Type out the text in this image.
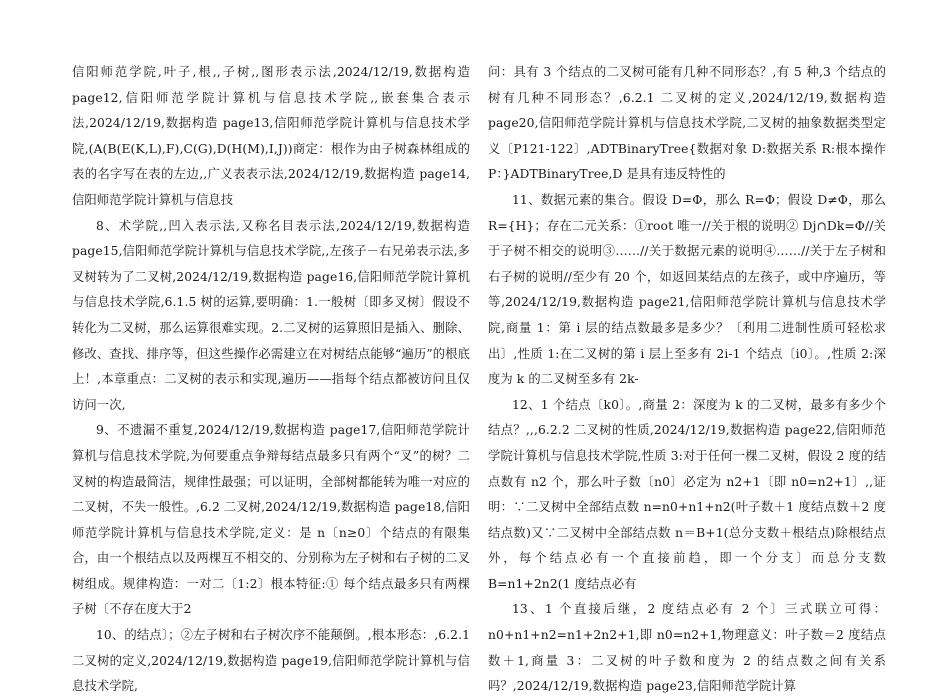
信阳师范学院,叶子,根,,子树,,图形表示法,2024/12/19,数据构造 page12,信阳师范学院计算机与信息技术学院,,嵌套集合表示法,2024/12/19,数据构造 page13,信阳师范学院计算机与信息技术学院,(A(B(E(K,L),F),C(G),D(H(M),I,J))商定：根作为由子树森林组成的表的名字写在表的左边,,广义表表示法,2024/12/19,数据构造 page14,信阳师范学院计算机与信息技

8、术学院,,凹入表示法,又称名目表示法,2024/12/19,数据构造 page15,信阳师范学院计算机与信息技术学院,,左孩子－右兄弟表示法,多叉树转为了二叉树,2024/12/19,数据构造 page16,信阳师范学院计算机与信息技术学院,6.1.5 树的运算,要明确：1.一般树〔即多叉树〕假设不转化为二叉树，那么运算很难实现。2.二叉树的运算照旧是插入、删除、修改、查找、排序等，但这些操作必需建立在对树结点能够“遍历”的根底上！,本章重点：二叉树的表示和实现,遍历——指每个结点都被访问且仅访问一次,

9、不遗漏不重复,2024/12/19,数据构造 page17,信阳师范学院计算机与信息技术学院,为何要重点争辩每结点最多只有两个“叉”的树？二叉树的构造最简洁，规律性最强；可以证明，全部树都能转为唯一对应的二叉树，不失一般性。,6.2 二叉树,2024/12/19,数据构造 page18,信阳师范学院计算机与信息技术学院,定义：是 n〔n≥0〕个结点的有限集合，由一个根结点以及两棵互不相交的、分别称为左子树和右子树的二叉树组成。规律构造：一对二〔1:2〕根本特征:① 每个结点最多只有两棵子树〔不存在度大于2

10、的结点〕；②左子树和右子树次序不能颠倒。,根本形态：,6.2.1 二叉树的定义,2024/12/19,数据构造 page19,信阳师范学院计算机与信息技术学院,

问：具有 3 个结点的二叉树可能有几种不同形态？,有 5 种,3 个结点的树有几种不同形态？,6.2.1 二叉树的定义,2024/12/19,数据构造 page20,信阳师范学院计算机与信息技术学院,二叉树的抽象数据类型定义〔P121-122〕,ADTBinaryTree{数据对象 D:数据关系 R:根本操作 P：}ADTBinaryTree,D 是具有违反特性的

11、数据元素的集合。假设 D=Φ，那么 R=Φ；假设 D≠Φ，那么 R={H}；存在二元关系：①root 唯一//关于根的说明② Dj∩Dk=Φ//关于子树不相交的说明③……//关于数据元素的说明④……//关于左子树和右子树的说明//至少有 20 个，如返回某结点的左孩子，或中序遍历，等等,2024/12/19,数据构造 page21,信阳师范学院计算机与信息技术学院,商量 1：第 i 层的结点数最多是多少？〔利用二进制性质可轻松求出〕,性质 1:在二叉树的第 i 层上至多有 2i-1 个结点〔i0〕。,性质 2:深度为 k 的二叉树至多有 2k-

12、1 个结点〔k0〕。,商量 2：深度为 k 的二叉树，最多有多少个结点？,,,6.2.2 二叉树的性质,2024/12/19,数据构造 page22,信阳师范学院计算机与信息技术学院,性质 3:对于任何一棵二叉树，假设 2 度的结点数有 n2 个，那么叶子数〔n0〕必定为 n2+1〔即 n0=n2+1〕,,证明：∵二叉树中全部结点数 n=n0+n1+n2(叶子数＋1 度结点数＋2 度结点数)又∵二叉树中全部结点数 n＝B+1(总分支数＋根结点)除根结点外，每个结点必有一个直接前趋，即一个分支〕而总分支数 B=n1+2n2(1 度结点必有

13、1 个直接后继，2 度结点必有 2 个〕三式联立可得：n0+n1+n2=n1+2n2+1,即 n0=n2+1,物理意义：叶子数＝2 度结点数＋1,商量 3：二叉树的叶子数和度为 2 的结点数之间有关系吗？,2024/12/19,数据构造 page23,信阳师范学院计算
